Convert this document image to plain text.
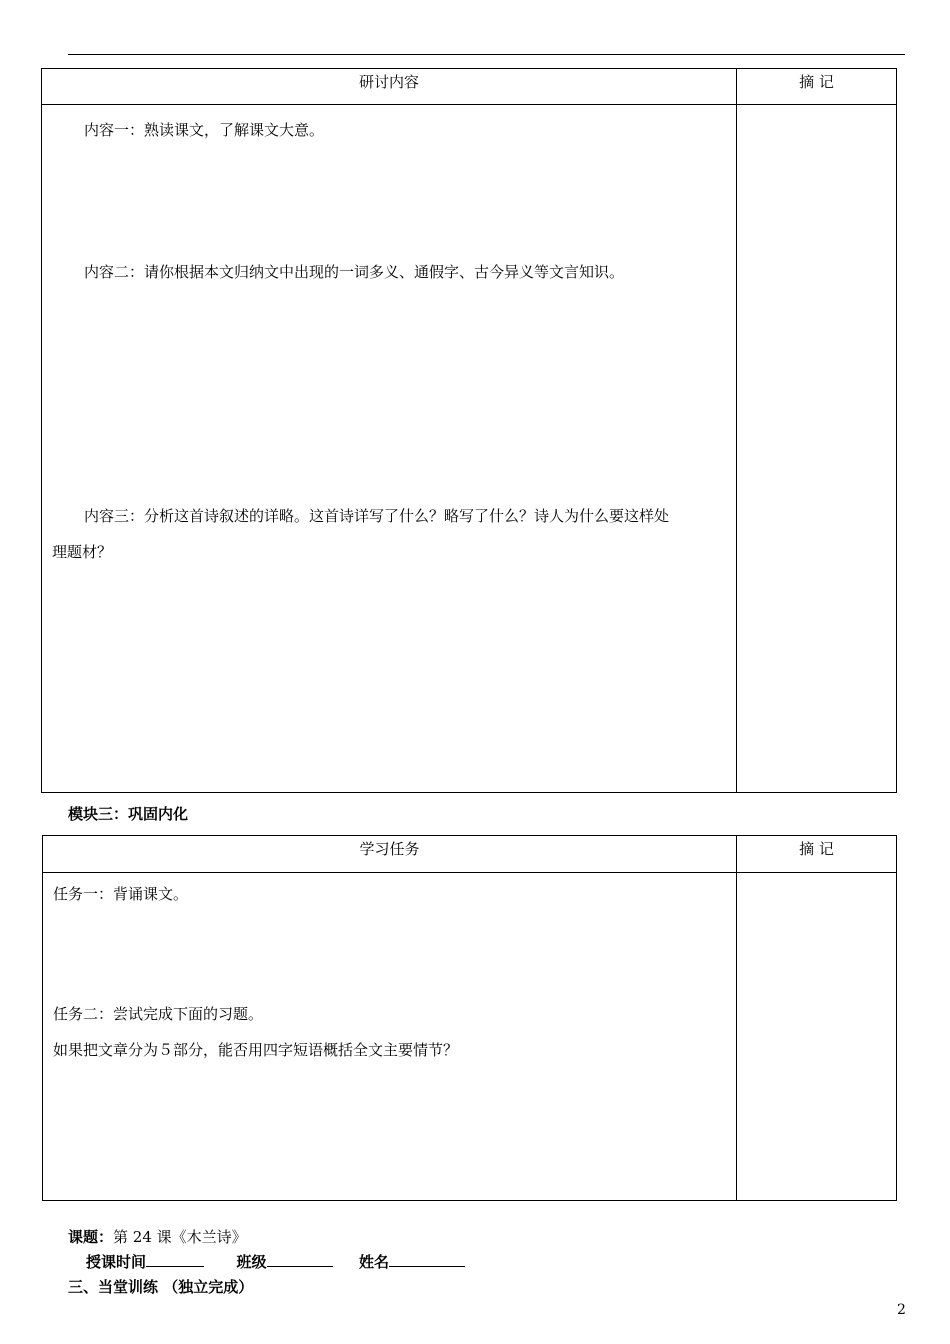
研讨内容	摘 记

内容一：熟读课文，了解课文大意。
内容二：请你根据本文归纳文中出现的一词多义、通假字、古今异义等文言知识。
内容三：分析这首诗叙述的详略。这首诗详写了什么？略写了什么？诗人为什么要这样处
理题材？	

模块三：巩固内化
学习任务	摘 记

任务一：背诵课文。
任务二：尝试完成下面的习题。
如果把文章分为５部分，能否用四字短语概括全文主要情节？	

课题：第 24 课《木兰诗》
授课时间	班级	姓名
三、当堂训练 （独立完成）
2
